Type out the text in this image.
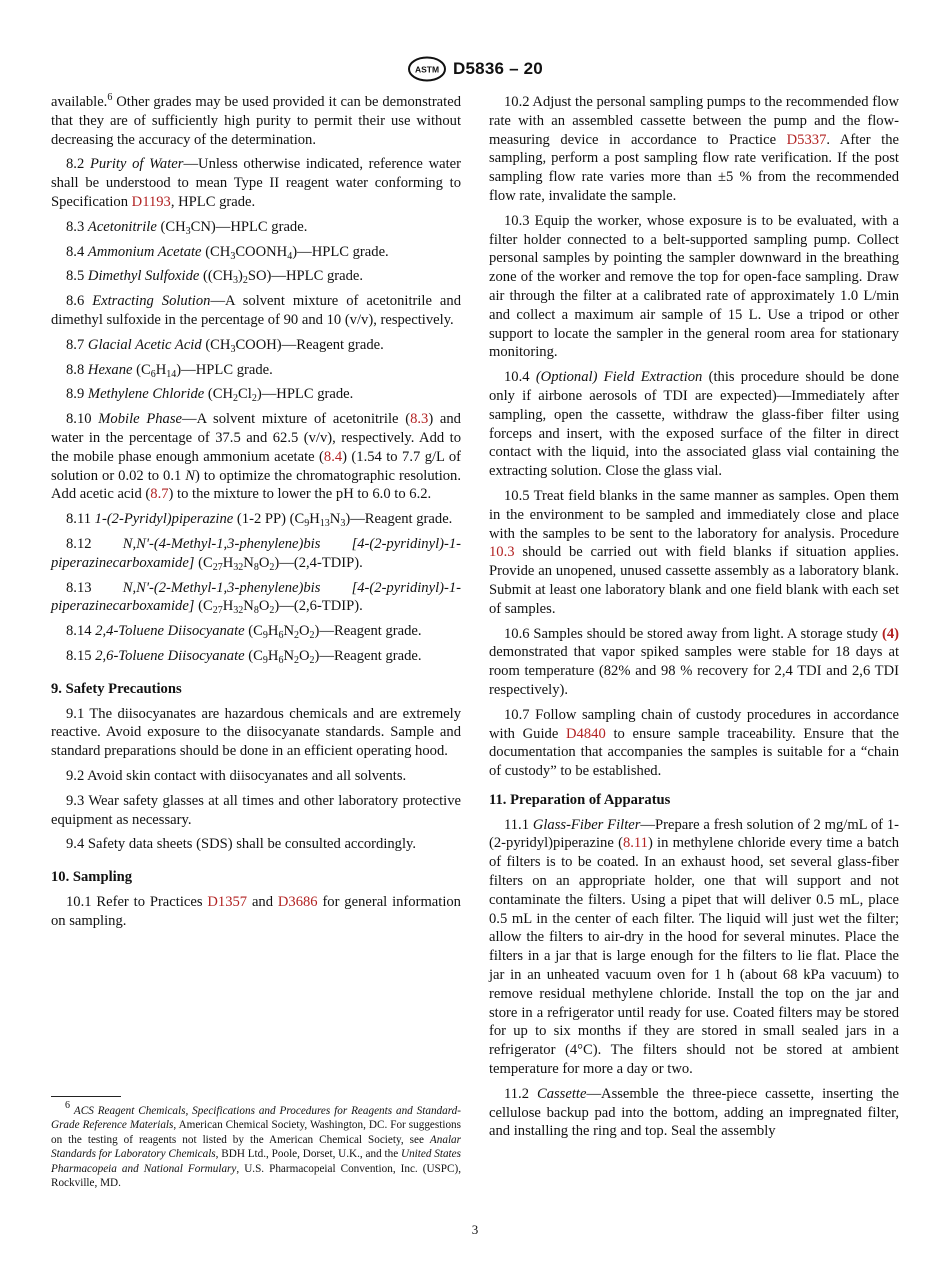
ASTM D5836 – 20

available.$^6$ Other grades may be used provided it can be demonstrated that they are of sufficiently high purity to permit their use without decreasing the accuracy of the determination.

8.2 Purity of Water—Unless otherwise indicated, reference water shall be understood to mean Type II reagent water conforming to Specification D1193, HPLC grade.

8.3 Acetonitrile $(CH_3CN)—HPLC$ grade.

8.4 Ammonium Acetate $(CH_3COONH_4)—HPLC$ grade.

8.5 Dimethyl Sulfoxide $((CH_3)_2SO)—HPLC$ grade.

8.6 Extracting Solution—A solvent mixture of acetonitrile and dimethyl sulfoxide in the percentage of 90 and 10 (v/v), respectively.

8.7 Glacial Acetic Acid $(CH_3COOH)—Reagent$ grade.

8.8 Hexane $(C_6H_{14})—HPLC$ grade.

8.9 Methylene Chloride $(CH_2Cl_2)—HPLC$ grade.

8.10 Mobile Phase—A solvent mixture of acetonitrile (8.3) and water in the percentage of 37.5 and 62.5 (v/v), respectively. Add to the mobile phase enough ammonium acetate (8.4) (1.54 to 7.7 g/L of solution or 0.02 to 0.1 N) to optimize the chromatographic resolution. Add acetic acid (8.7) to the mixture to lower the pH to 6.0 to 6.2.

8.11 1-(2-Pyridyl)piperazine (1-2 PP) $(C_9H_{13}N_3)—Reagent$ grade.

8.12 N,N'-(4-Methyl-1,3-phenylene)bis [4-(2-pyridinyl)-1-piperazinecarboxamide] $(C_{27}H_{32}N_8O_2)—(2,4-TDIP)$.

8.13 N,N'-(2-Methyl-1,3-phenylene)bis [4-(2-pyridinyl)-1-piperazinecarboxamide] $(C_{27}H_{32}N_8O_2)—(2,6-TDIP)$.

8.14 2,4-Toluene Diisocyanate $(C_9H_6N_2O_2)—Reagent$ grade.

8.15 2,6-Toluene Diisocyanate $(C_9H_6N_2O_2)—Reagent$ grade.

9. Safety Precautions

9.1 The diisocyanates are hazardous chemicals and are extremely reactive. Avoid exposure to the diisocyanate standards. Sample and standard preparations should be done in an efficient operating hood.

9.2 Avoid skin contact with diisocyanates and all solvents.

9.3 Wear safety glasses at all times and other laboratory protective equipment as necessary.

9.4 Safety data sheets (SDS) shall be consulted accordingly.

10. Sampling

10.1 Refer to Practices D1357 and D3686 for general information on sampling.

10.2 Adjust the personal sampling pumps to the recommended flow rate with an assembled cassette between the pump and the flow-measuring device in accordance to Practice D5337. After the sampling, perform a post sampling flow rate verification. If the post sampling flow rate varies more than ±5 % from the recommended flow rate, invalidate the sample.

10.3 Equip the worker, whose exposure is to be evaluated, with a filter holder connected to a belt-supported sampling pump. Collect personal samples by pointing the sampler downward in the breathing zone of the worker and remove the top for open-face sampling. Draw air through the filter at a calibrated rate of approximately 1.0 L/min and collect a maximum air sample of 15 L. Use a tripod or other support to locate the sampler in the general room area for stationary monitoring.

10.4 (Optional) Field Extraction (this procedure should be done only if airbone aerosols of TDI are expected)—Immediately after sampling, open the cassette, withdraw the glass-fiber filter using forceps and insert, with the exposed surface of the filter in direct contact with the liquid, into the associated glass vial containing the extracting solution. Close the glass vial.

10.5 Treat field blanks in the same manner as samples. Open them in the environment to be sampled and immediately close and place with the samples to be sent to the laboratory for analysis. Procedure 10.3 should be carried out with field blanks if situation applies. Provide an unopened, unused cassette assembly as a laboratory blank. Submit at least one laboratory blank and one field blank with each set of samples.

10.6 Samples should be stored away from light. A storage study (4) demonstrated that vapor spiked samples were stable for 18 days at room temperature (82% and 98 % recovery for 2,4 TDI and 2,6 TDI respectively).

10.7 Follow sampling chain of custody procedures in accordance with Guide D4840 to ensure sample traceability. Ensure that the documentation that accompanies the samples is suitable for a “chain of custody” to be established.

11. Preparation of Apparatus

11.1 Glass-Fiber Filter—Prepare a fresh solution of 2 mg/mL of 1-(2-pyridyl)piperazine (8.11) in methylene chloride every time a batch of filters is to be coated. In an exhaust hood, set several glass-fiber filters on an appropriate holder, one that will support and not contaminate the filters. Using a pipet that will deliver 0.5 mL, place 0.5 mL in the center of each filter. The liquid will just wet the filter; allow the filters to air-dry in the hood for several minutes. Place the filters in a jar that is large enough for the filters to lie flat. Place the jar in an unheated vacuum oven for 1 h (about 68 kPa vacuum) to remove residual methylene chloride. Install the top on the jar and store in a refrigerator until ready for use. Coated filters may be stored for up to six months if they are stored in small sealed jars in a refrigerator (4°C). The filters should not be stored at ambient temperature for more a day or two.

11.2 Cassette—Assemble the three-piece cassette, inserting the cellulose backup pad into the bottom, adding an impregnated filter, and installing the ring and top. Seal the assembly

$^6$ ACS Reagent Chemicals, Specifications and Procedures for Reagents and Standard-Grade Reference Materials, American Chemical Society, Washington, DC. For suggestions on the testing of reagents not listed by the American Chemical Society, see Analar Standards for Laboratory Chemicals, BDH Ltd., Poole, Dorset, U.K., and the United States Pharmacopeia and National Formulary, U.S. Pharmacopeial Convention, Inc. (USPC), Rockville, MD.

3
